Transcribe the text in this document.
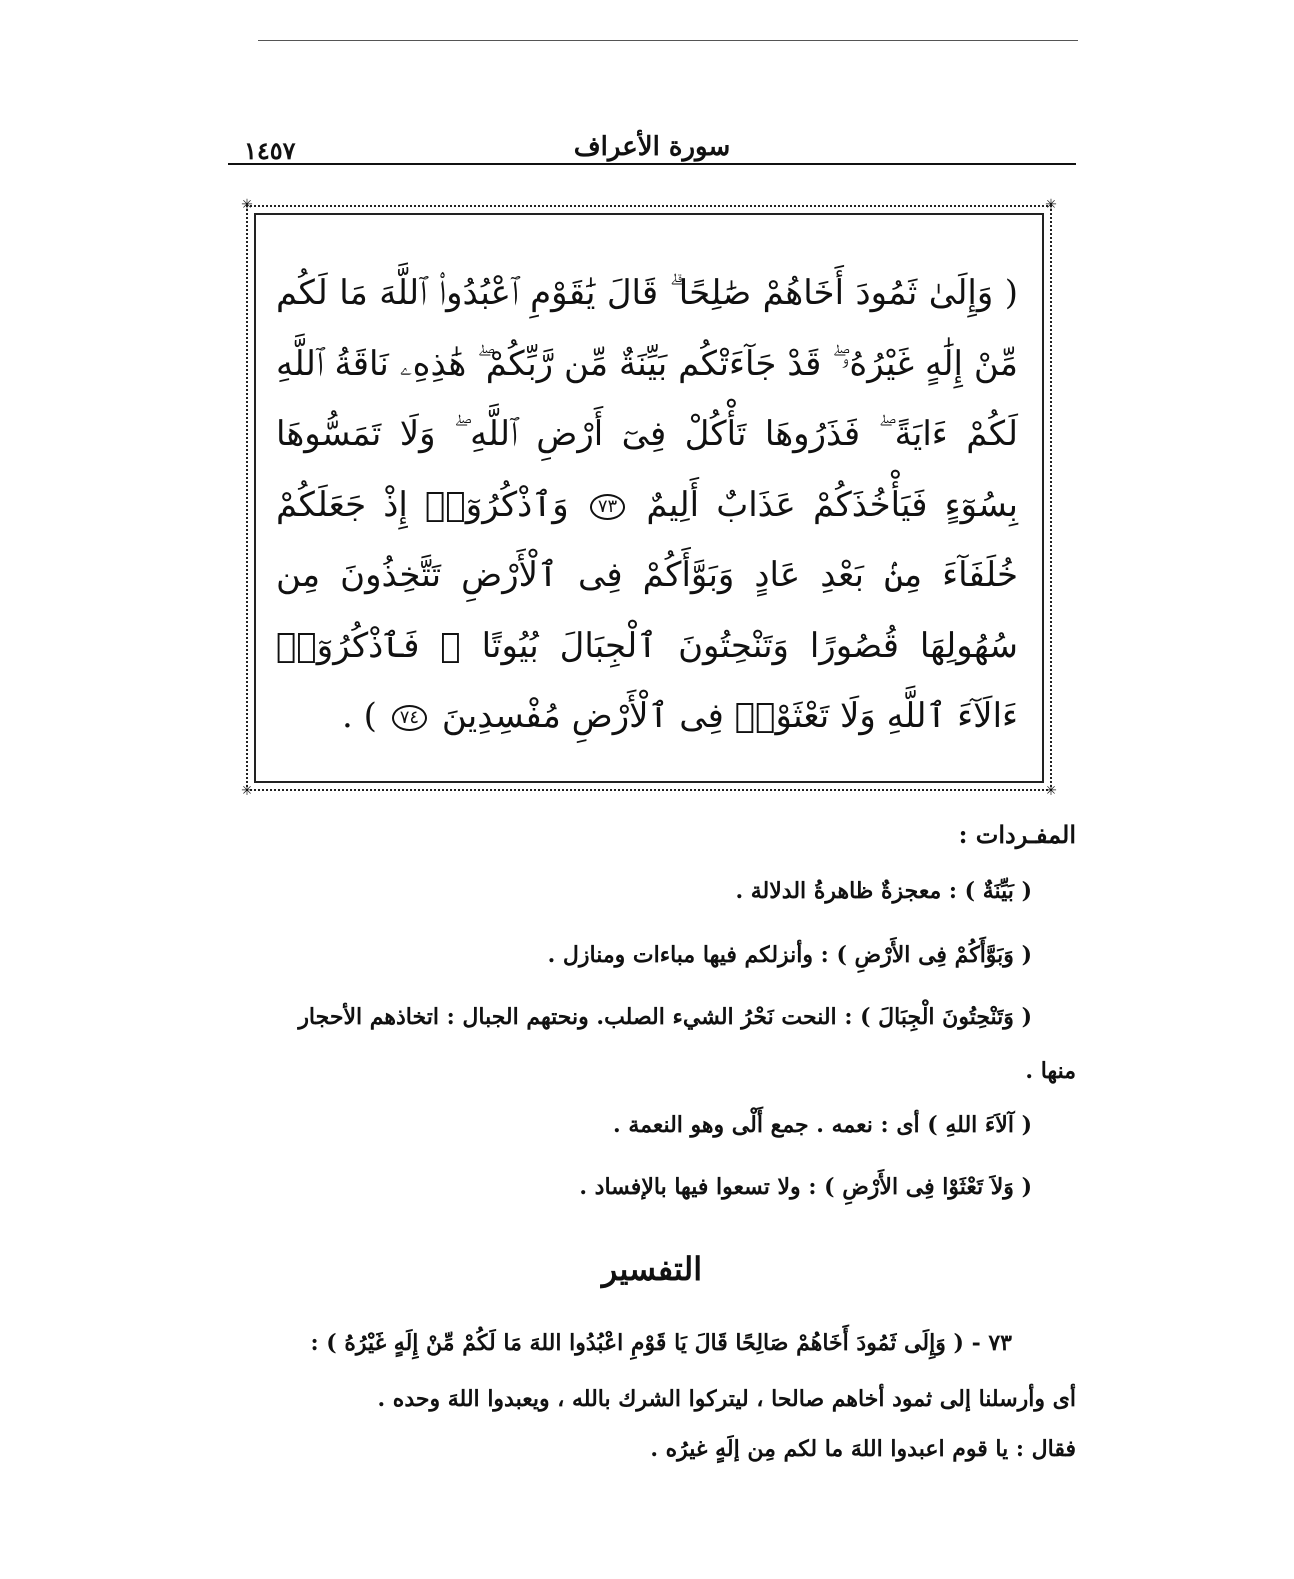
سورة الأعراف
١٤٥٧
✳	✳
✳	✳
( وَإِلَىٰ ثَمُودَ أَخَاهُمْ صَٰلِحًا ۗ قَالَ يَٰقَوْمِ ٱعْبُدُوا۟ ٱللَّهَ مَا لَكُم مِّنْ إِلَٰهٍ غَيْرُهُۥ ۖ قَدْ جَآءَتْكُم بَيِّنَةٌ مِّن رَّبِّكُمْ ۖ هَٰذِهِۦ نَاقَةُ ٱللَّهِ لَكُمْ ءَايَةً ۖ فَذَرُوهَا تَأْكُلْ فِىٓ أَرْضِ ٱللَّهِ ۖ وَلَا تَمَسُّوهَا بِسُوٓءٍ فَيَأْخُذَكُمْ عَذَابٌ أَلِيمٌ ٧٣ وَٱذْكُرُوٓا۟ إِذْ جَعَلَكُمْ خُلَفَآءَ مِنۢ بَعْدِ عَادٍ وَبَوَّأَكُمْ فِى ٱلْأَرْضِ تَتَّخِذُونَ مِن سُهُولِهَا قُصُورًا وَتَنْحِتُونَ ٱلْجِبَالَ بُيُوتًا ۖ فَٱذْكُرُوٓا۟ ءَالَآءَ ٱللَّهِ وَلَا تَعْثَوْا۟ فِى ٱلْأَرْضِ مُفْسِدِينَ ٧٤ ) .
المفـردات :
( بَيِّنَةٌ ) : معجزةٌ ظاهرةُ الدلالة .
( وَبَوَّأَكُمْ فِى الأَرْضِ ) : وأنزلكم فيها مباءات ومنازل .
( وَتَنْحِتُونَ الْجِبَالَ ) : النحت نَحْرُ الشيء الصلب. ونحتهم الجبال : اتخاذهم الأحجار
منها .
( آلاَءَ اللهِ ) أى : نعمه . جمع أَلْى وهو النعمة .
( وَلاَ تَعْثَوْا فِى الأَرْضِ ) : ولا تسعوا فيها بالإفساد .
التفسير
٧٣ - ( وَإِلَى ثَمُودَ أَخَاهُمْ صَالِحًا قَالَ يَا قَوْمِ اعْبُدُوا اللهَ مَا لَكُمْ مِّنْ إِلَهٍ غَيْرُهُ ) :
أى وأرسلنا إلى ثمود أخاهم صالحا ، ليتركوا الشرك بالله ، ويعبدوا اللهَ وحده .
فقال : يا قوم اعبدوا اللهَ ما لكم مِن إلَهٍ غيرُه .
